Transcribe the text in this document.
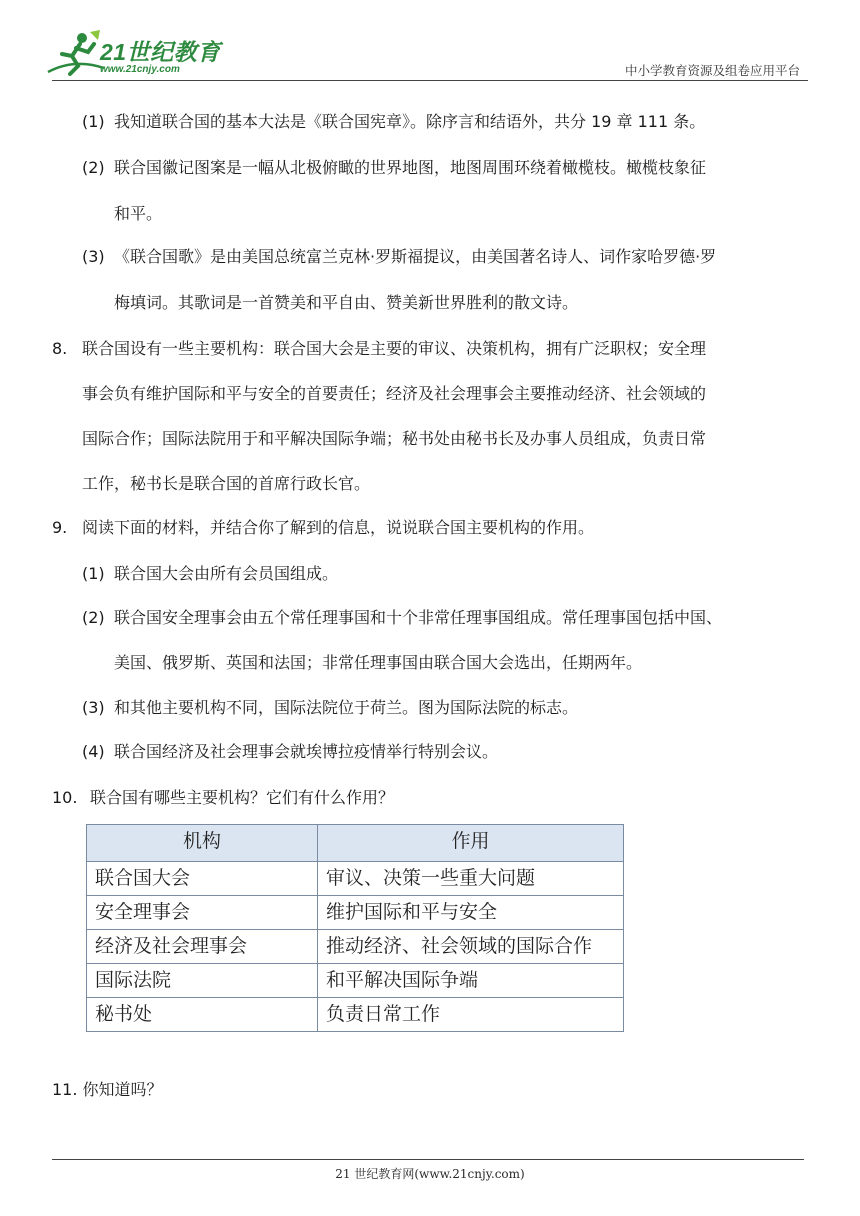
21世纪教育
www.21cnjy.com	中小学教育资源及组卷应用平台
(1) 我知道联合国的基本大法是《联合国宪章》。除序言和结语外，共分 19 章 111 条。
(2) 联合国徽记图案是一幅从北极俯瞰的世界地图，地图周围环绕着橄榄枝。橄榄枝象征
和平。
(3) 《联合国歌》是由美国总统富兰克林·罗斯福提议，由美国著名诗人、词作家哈罗德·罗
梅填词。其歌词是一首赞美和平自由、赞美新世界胜利的散文诗。
8. 联合国设有一些主要机构：联合国大会是主要的审议、决策机构，拥有广泛职权；安全理
事会负有维护国际和平与安全的首要责任；经济及社会理事会主要推动经济、社会领域的
国际合作；国际法院用于和平解决国际争端；秘书处由秘书长及办事人员组成，负责日常
工作，秘书长是联合国的首席行政长官。
9. 阅读下面的材料，并结合你了解到的信息，说说联合国主要机构的作用。
(1) 联合国大会由所有会员国组成。
(2) 联合国安全理事会由五个常任理事国和十个非常任理事国组成。常任理事国包括中国、
美国、俄罗斯、英国和法国；非常任理事国由联合国大会选出，任期两年。
(3) 和其他主要机构不同，国际法院位于荷兰。图为国际法院的标志。
(4) 联合国经济及社会理事会就埃博拉疫情举行特别会议。
10. 联合国有哪些主要机构？它们有什么作用？
11. 你知道吗？
机构	作用
联合国大会	审议、决策一些重大问题
安全理事会	维护国际和平与安全
经济及社会理事会	推动经济、社会领域的国际合作
国际法院	和平解决国际争端
秘书处	负责日常工作
21 世纪教育网(www.21cnjy.com)
